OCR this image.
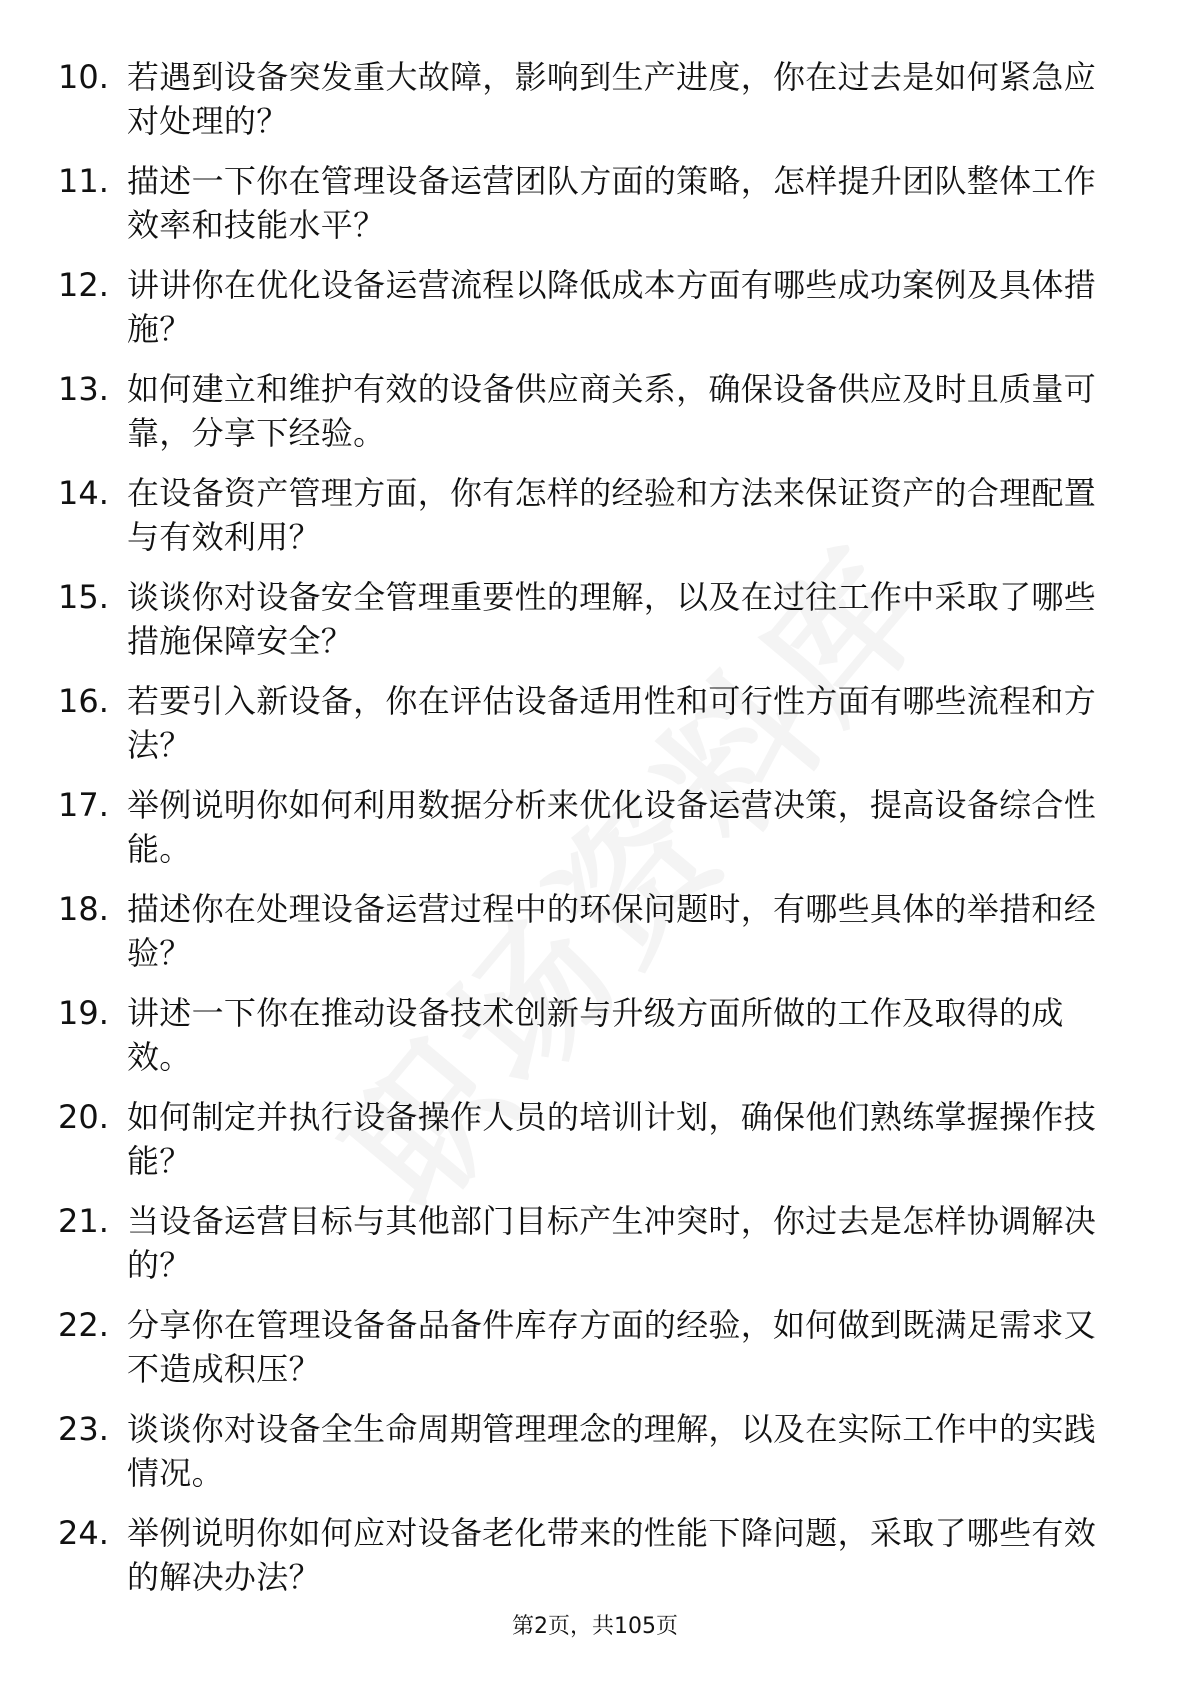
10. 若遇到设备突发重大故障，影响到生产进度，你在过去是如何紧急应对处理的？
11. 描述一下你在管理设备运营团队方面的策略，怎样提升团队整体工作效率和技能水平？
12. 讲讲你在优化设备运营流程以降低成本方面有哪些成功案例及具体措施？
13. 如何建立和维护有效的设备供应商关系，确保设备供应及时且质量可靠，分享下经验。
14. 在设备资产管理方面，你有怎样的经验和方法来保证资产的合理配置与有效利用？
15. 谈谈你对设备安全管理重要性的理解，以及在过往工作中采取了哪些措施保障安全？
16. 若要引入新设备，你在评估设备适用性和可行性方面有哪些流程和方法？
17. 举例说明你如何利用数据分析来优化设备运营决策，提高设备综合性能。
18. 描述你在处理设备运营过程中的环保问题时，有哪些具体的举措和经验？
19. 讲述一下你在推动设备技术创新与升级方面所做的工作及取得的成效。
20. 如何制定并执行设备操作人员的培训计划，确保他们熟练掌握操作技能？
21. 当设备运营目标与其他部门目标产生冲突时，你过去是怎样协调解决的？
22. 分享你在管理设备备品备件库存方面的经验，如何做到既满足需求又不造成积压？
23. 谈谈你对设备全生命周期管理理念的理解，以及在实际工作中的实践情况。
24. 举例说明你如何应对设备老化带来的性能下降问题，采取了哪些有效的解决办法？
第2页，共105页
